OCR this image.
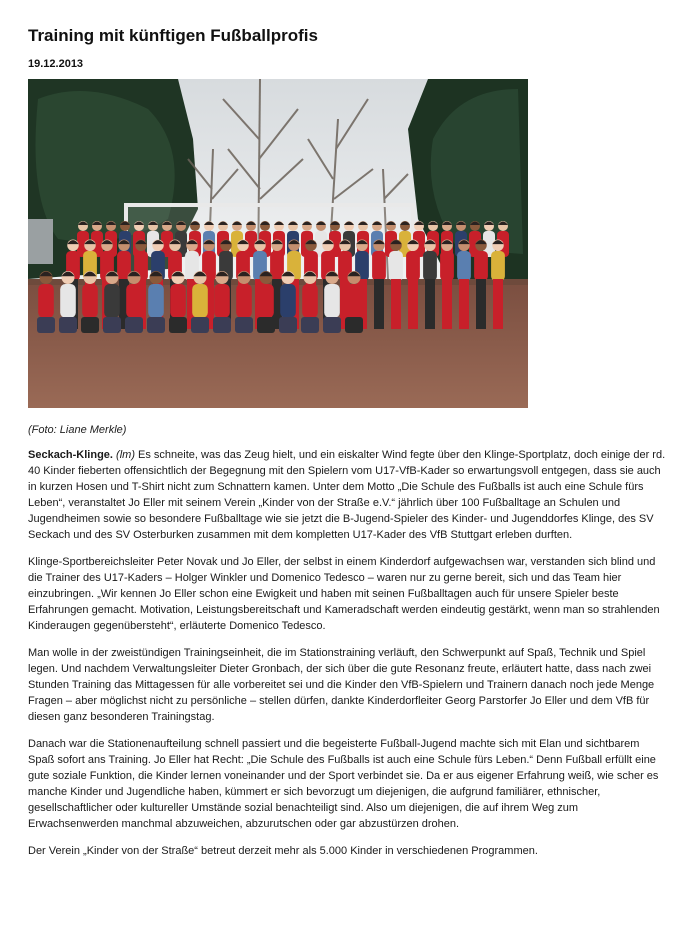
Training mit künftigen Fußballprofis
19.12.2013
(Foto: Liane Merkle)

Seckach-Klinge. (lm) Es schneite, was das Zeug hielt, und ein eiskalter Wind fegte über den Klinge-Sportplatz, doch einige der rd. 40 Kinder fieberten offensichtlich der Begegnung mit den Spielern vom U17-VfB-Kader so erwartungsvoll entgegen, dass sie auch in kurzen Hosen und T-Shirt nicht zum Schnattern kamen. Unter dem Motto „Die Schule des Fußballs ist auch eine Schule fürs Leben“, veranstaltet Jo Eller mit seinem Verein „Kinder von der Straße e.V.“ jährlich über 100 Fußballtage an Schulen und Jugendheimen sowie so besondere Fußballtage wie sie jetzt die B-Jugend-Spieler des Kinder- und Jugenddorfes Klinge, des SV Seckach und des SV Osterburken zusammen mit dem kompletten U17-Kader des VfB Stuttgart erleben durften.

Klinge-Sportbereichsleiter Peter Novak und Jo Eller, der selbst in einem Kinderdorf aufgewachsen war, verstanden sich blind und die Trainer des U17-Kaders – Holger Winkler und Domenico Tedesco – waren nur zu gerne bereit, sich und das Team hier einzubringen. „Wir kennen Jo Eller schon eine Ewigkeit und haben mit seinen Fußballtagen auch für unsere Spieler beste Erfahrungen gemacht. Motivation, Leistungsbereitschaft und Kameradschaft werden eindeutig gestärkt, wenn man so strahlenden Kinderaugen gegenübersteht“, erläuterte Domenico Tedesco.

Man wolle in der zweistündigen Trainingseinheit, die im Stationstraining verläuft, den Schwerpunkt auf Spaß, Technik und Spiel legen. Und nachdem Verwaltungsleiter Dieter Gronbach, der sich über die gute Resonanz freute, erläutert hatte, dass nach zwei Stunden Training das Mittagessen für alle vorbereitet sei und die Kinder den VfB-Spielern und Trainern danach noch jede Menge Fragen – aber möglichst nicht zu persönliche – stellen dürfen, dankte Kinderdorfleiter Georg Parstorfer Jo Eller und dem VfB für diesen ganz besonderen Trainingstag.

Danach war die Stationenaufteilung schnell passiert und die begeisterte Fußball-Jugend machte sich mit Elan und sichtbarem Spaß sofort ans Training. Jo Eller hat Recht: „Die Schule des Fußballs ist auch eine Schule fürs Leben.“ Denn Fußball erfüllt eine gute soziale Funktion, die Kinder lernen voneinander und der Sport verbindet sie. Da er aus eigener Erfahrung weiß, wie scher es manche Kinder und Jugendliche haben, kümmert er sich bevorzugt um diejenigen, die aufgrund familiärer, ethnischer, gesellschaftlicher oder kultureller Umstände sozial benachteiligt sind. Also um diejenigen, die auf ihrem Weg zum Erwachsenwerden manchmal abzuweichen, abzurutschen oder gar abzustürzen drohen.

Der Verein „Kinder von der Straße“ betreut derzeit mehr als 5.000 Kinder in verschiedenen Programmen.
